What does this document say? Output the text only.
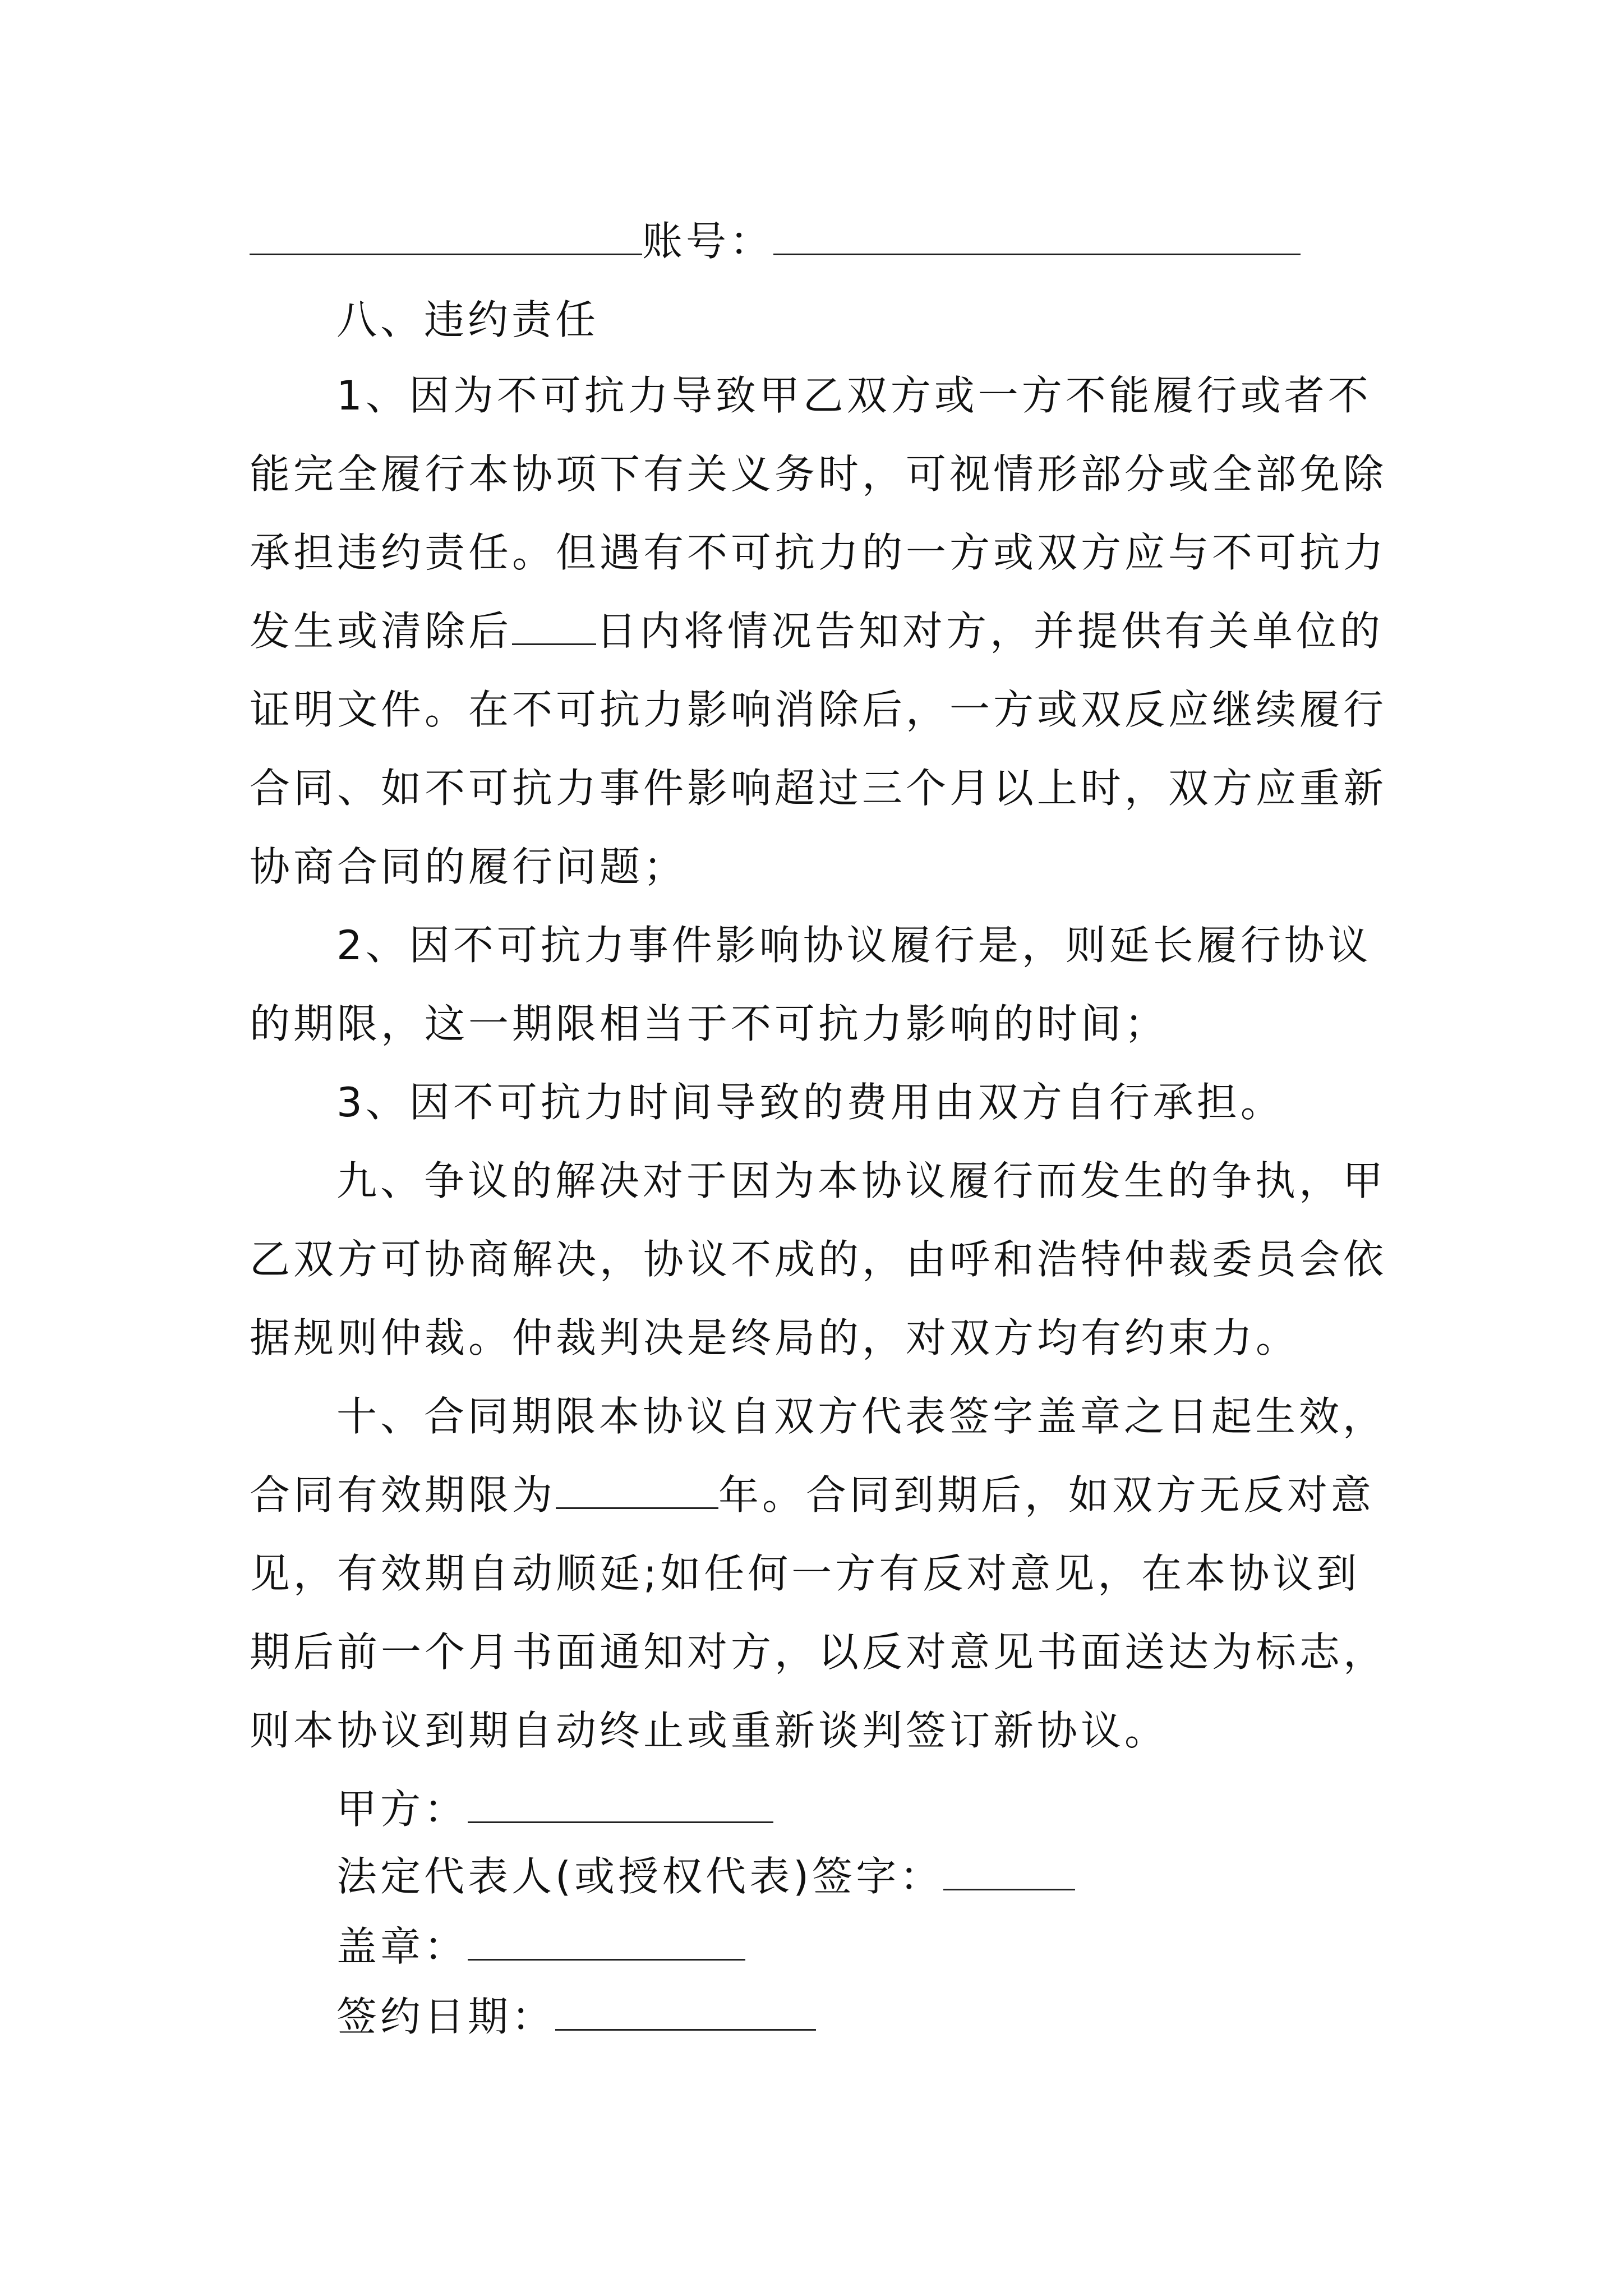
账号：
八、违约责任
1、因为不可抗力导致甲乙双方或一方不能履行或者不
能完全履行本协项下有关义务时，可视情形部分或全部免除
承担违约责任。但遇有不可抗力的一方或双方应与不可抗力
发生或清除后 日内将情况告知对方，并提供有关单位的
证明文件。在不可抗力影响消除后，一方或双反应继续履行
合同、如不可抗力事件影响超过三个月以上时，双方应重新
协商合同的履行问题；
2、因不可抗力事件影响协议履行是，则延长履行协议
的期限，这一期限相当于不可抗力影响的时间；
3、因不可抗力时间导致的费用由双方自行承担。
九、争议的解决对于因为本协议履行而发生的争执，甲
乙双方可协商解决，协议不成的，由呼和浩特仲裁委员会依
据规则仲裁。仲裁判决是终局的，对双方均有约束力。
十、合同期限本协议自双方代表签字盖章之日起生效，
合同有效期限为	年。合同到期后，如双方无反对意
见，有效期自动顺延;如任何一方有反对意见，在本协议到
期后前一个月书面通知对方，以反对意见书面送达为标志，
则本协议到期自动终止或重新谈判签订新协议。
甲方：
法定代表人(或授权代表)签字：
盖章：
签约日期：
